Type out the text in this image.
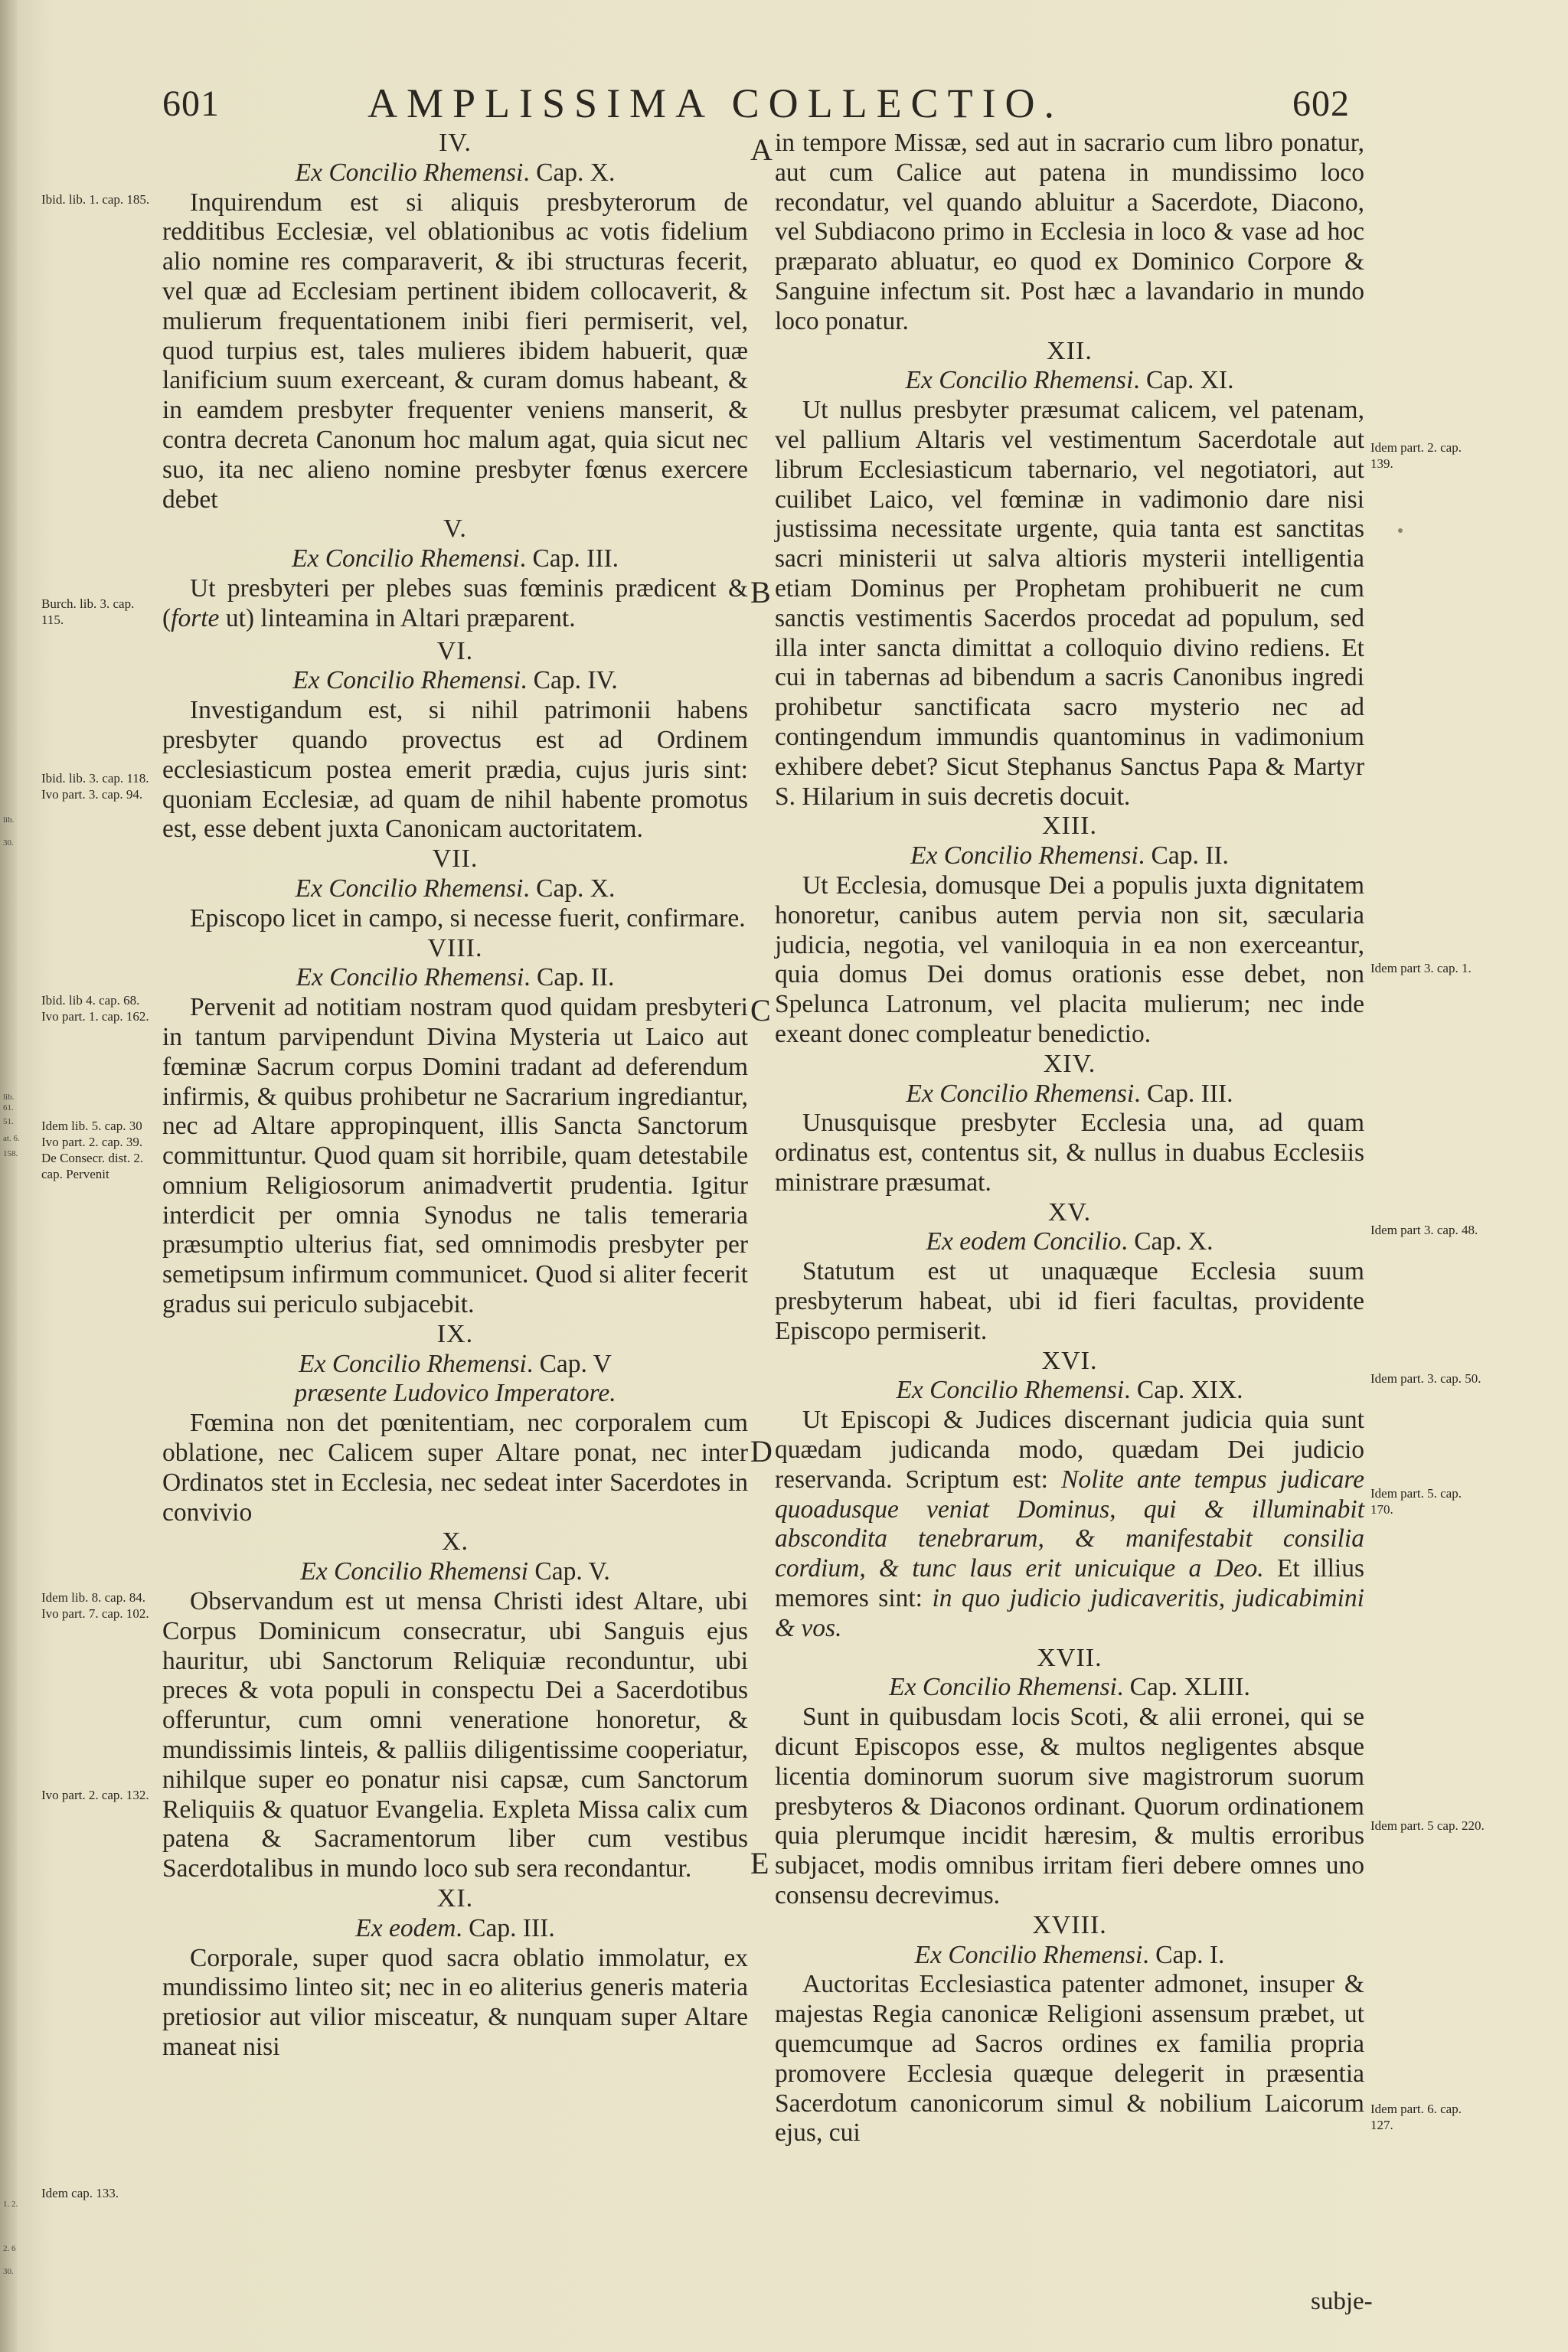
601	AMPLISSIMA COLLECTIO.	602

IV.

Ex Concilio Rhemensi. Cap. X.

Inquirendum est si aliquis presbyterorum de redditibus Ecclesiæ, vel oblationibus ac votis fidelium alio nomine res comparaverit, & ibi structuras fecerit, vel quæ ad Ecclesiam pertinent ibidem collocaverit, & mulierum frequentationem inibi fieri permiserit, vel, quod turpius est, tales mulieres ibidem habuerit, quæ lanificium suum exerceant, & curam domus habeant, & in eamdem presbyter frequenter veniens manserit, & contra decreta Canonum hoc malum agat, quia sicut nec suo, ita nec alieno nomine presbyter fœnus exercere debet

V.

Ex Concilio Rhemensi. Cap. III.

Ut presbyteri per plebes suas fœminis prædicent & (forte ut) linteamina in Altari præparent.

VI.

Ex Concilio Rhemensi. Cap. IV.

Investigandum est, si nihil patrimonii habens presbyter quando provectus est ad Ordinem ecclesiasticum postea emerit prædia, cujus juris sint: quoniam Ecclesiæ, ad quam de nihil habente promotus est, esse debent juxta Canonicam auctoritatem.

VII.

Ex Concilio Rhemensi. Cap. X.

Episcopo licet in campo, si necesse fuerit, confirmare.

VIII.

Ex Concilio Rhemensi. Cap. II.

Pervenit ad notitiam nostram quod quidam presbyteri in tantum parvipendunt Divina Mysteria ut Laico aut fœminæ Sacrum corpus Domini tradant ad deferendum infirmis, & quibus prohibetur ne Sacrarium ingrediantur, nec ad Altare appropinquent, illis Sancta Sanctorum committuntur. Quod quam sit horribile, quam detestabile omnium Religiosorum animadvertit prudentia. Igitur interdicit per omnia Synodus ne talis temeraria præsumptio ulterius fiat, sed omnimodis presbyter per semetipsum infirmum communicet. Quod si aliter fecerit gradus sui periculo subjacebit.

IX.

Ex Concilio Rhemensi. Cap. V

præsente Ludovico Imperatore.

Fœmina non det pœnitentiam, nec corporalem cum oblatione, nec Calicem super Altare ponat, nec inter Ordinatos stet in Ecclesia, nec sedeat inter Sacerdotes in convivio

X.

Ex Concilio Rhemensi Cap. V.

Observandum est ut mensa Christi idest Altare, ubi Corpus Dominicum consecratur, ubi Sanguis ejus hauritur, ubi Sanctorum Reliquiæ reconduntur, ubi preces & vota populi in conspectu Dei a Sacerdotibus offeruntur, cum omni veneratione honoretur, & mundissimis linteis, & palliis diligentissime cooperiatur, nihilque super eo ponatur nisi capsæ, cum Sanctorum Reliquiis & quatuor Evangelia. Expleta Missa calix cum patena & Sacramentorum liber cum vestibus Sacerdotalibus in mundo loco sub sera recondantur.

XI.

Ex eodem. Cap. III.

Corporale, super quod sacra oblatio immolatur, ex mundissimo linteo sit; nec in eo aliterius generis materia pretiosior aut vilior misceatur, & nunquam super Altare maneat nisi

in tempore Missæ, sed aut in sacrario cum libro ponatur, aut cum Calice aut patena in mundissimo loco recondatur, vel quando abluitur a Sacerdote, Diacono, vel Subdiacono primo in Ecclesia in loco & vase ad hoc præparato abluatur, eo quod ex Dominico Corpore & Sanguine infectum sit. Post hæc a lavandario in mundo loco ponatur.

XII.

Ex Concilio Rhemensi. Cap. XI.

Ut nullus presbyter præsumat calicem, vel patenam, vel pallium Altaris vel vestimentum Sacerdotale aut librum Ecclesiasticum tabernario, vel negotiatori, aut cuilibet Laico, vel fœminæ in vadimonio dare nisi justissima necessitate urgente, quia tanta est sanctitas sacri ministerii ut salva altioris mysterii intelligentia etiam Dominus per Prophetam prohibuerit ne cum sanctis vestimentis Sacerdos procedat ad populum, sed illa inter sancta dimittat a colloquio divino rediens. Et cui in tabernas ad bibendum a sacris Canonibus ingredi prohibetur sanctificata sacro mysterio nec ad contingendum immundis quantominus in vadimonium exhibere debet? Sicut Stephanus Sanctus Papa & Martyr S. Hilarium in suis decretis docuit.

XIII.

Ex Concilio Rhemensi. Cap. II.

Ut Ecclesia, domusque Dei a populis juxta dignitatem honoretur, canibus autem pervia non sit, sæcularia judicia, negotia, vel vaniloquia in ea non exerceantur, quia domus Dei domus orationis esse debet, non Spelunca Latronum, vel placita mulierum; nec inde exeant donec compleatur benedictio.

XIV.

Ex Concilio Rhemensi. Cap. III.

Unusquisque presbyter Ecclesia una, ad quam ordinatus est, contentus sit, & nullus in duabus Ecclesiis ministrare præsumat.

XV.

Ex eodem Concilio. Cap. X.

Statutum est ut unaquæque Ecclesia suum presbyterum habeat, ubi id fieri facultas, providente Episcopo permiserit.

XVI.

Ex Concilio Rhemensi. Cap. XIX.

Ut Episcopi & Judices discernant judicia quia sunt quædam judicanda modo, quædam Dei judicio reservanda. Scriptum est: Nolite ante tempus judicare quoadusque veniat Dominus, qui & illuminabit abscondita tenebrarum, & manifestabit consilia cordium, & tunc laus erit unicuique a Deo. Et illius memores sint: in quo judicio judicaveritis, judicabimini & vos.

XVII.

Ex Concilio Rhemensi. Cap. XLIII.

Sunt in quibusdam locis Scoti, & alii erronei, qui se dicunt Episcopos esse, & multos negligentes absque licentia dominorum suorum sive magistrorum suorum presbyteros & Diaconos ordinant. Quorum ordinationem quia plerumque incidit hæresim, & multis erroribus subjacet, modis omnibus irritam fieri debere omnes uno consensu decrevimus.

XVIII.

Ex Concilio Rhemensi. Cap. I.

Auctoritas Ecclesiastica patenter admonet, insuper & majestas Regia canonicæ Religioni assensum præbet, ut quemcumque ad Sacros ordines ex familia propria promovere Ecclesia quæque delegerit in præsentia Sacerdotum canonicorum simul & nobilium Laicorum ejus, cui

subje-
A
B
C
D
E
Ibid. lib. 1. cap. 185.
Burch. lib. 3. cap. 115.
Ibid. lib. 3. cap. 118. Ivo part. 3. cap. 94.
Ibid. lib 4. cap. 68. Ivo part. 1. cap. 162.
Idem lib. 5. cap. 30 Ivo part. 2. cap. 39. De Consecr. dist. 2. cap. Pervenit
Idem lib. 8. cap. 84. Ivo part. 7. cap. 102.
Ivo part. 2. cap. 132.
Idem cap. 133.
Idem part. 2. cap. 139.
Idem part 3. cap. 1.
Idem part 3. cap. 48.
Idem part. 3. cap. 50.
Idem part. 5. cap. 170.
Idem part. 5 cap. 220.
Idem part. 6. cap. 127.
lib.
30.
lib. 61.
51.
at. 6.
158.
1. 2.
2. 6
30.
